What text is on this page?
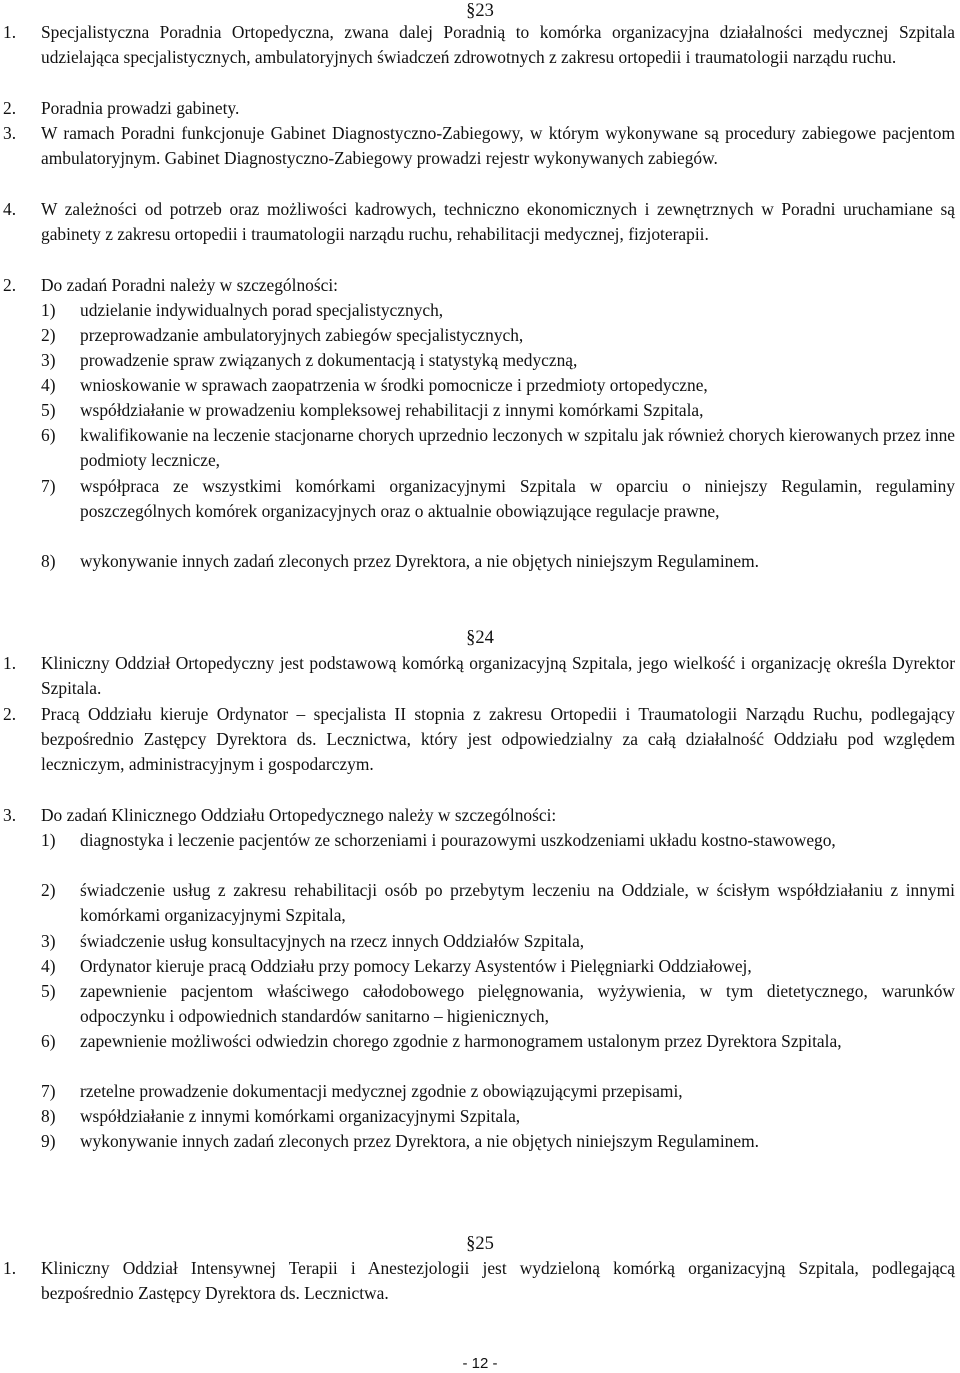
§23
1. Specjalistyczna Poradnia Ortopedyczna, zwana dalej Poradnią to komórka organizacyjna działalności medycznej Szpitala udzielająca specjalistycznych, ambulatoryjnych świadczeń zdrowotnych z zakresu ortopedii i traumatologii narządu ruchu.
2. Poradnia prowadzi gabinety.
3. W ramach Poradni funkcjonuje Gabinet Diagnostyczno-Zabiegowy, w którym wykonywane są procedury zabiegowe pacjentom ambulatoryjnym. Gabinet Diagnostyczno-Zabiegowy prowadzi rejestr wykonywanych zabiegów.
4. W zależności od potrzeb oraz możliwości kadrowych, techniczno ekonomicznych i zewnętrznych w Poradni uruchamiane są gabinety z zakresu ortopedii i traumatologii narządu ruchu, rehabilitacji medycznej, fizjoterapii.
2. Do zadań Poradni należy w szczególności:
1) udzielanie indywidualnych porad specjalistycznych,
2) przeprowadzanie ambulatoryjnych zabiegów specjalistycznych,
3) prowadzenie spraw związanych z dokumentacją i statystyką medyczną,
4) wnioskowanie w sprawach zaopatrzenia w środki pomocnicze i przedmioty ortopedyczne,
5) współdziałanie w prowadzeniu kompleksowej rehabilitacji z innymi komórkami Szpitala,
6) kwalifikowanie na leczenie stacjonarne chorych uprzednio leczonych w szpitalu jak również chorych kierowanych przez inne podmioty lecznicze,
7) współpraca ze wszystkimi komórkami organizacyjnymi Szpitala w oparciu o niniejszy Regulamin, regulaminy poszczególnych komórek organizacyjnych oraz o aktualnie obowiązujące regulacje prawne,
8) wykonywanie innych zadań zleconych przez Dyrektora, a nie objętych niniejszym Regulaminem.
§24
1. Kliniczny Oddział Ortopedyczny jest podstawową komórką organizacyjną Szpitala, jego wielkość i organizację określa Dyrektor Szpitala.
2. Pracą Oddziału kieruje Ordynator – specjalista II stopnia z zakresu Ortopedii i Traumatologii Narządu Ruchu, podlegający bezpośrednio Zastępcy Dyrektora ds. Lecznictwa, który jest odpowiedzialny za całą działalność Oddziału pod względem leczniczym, administracyjnym i gospodarczym.
3. Do zadań Klinicznego Oddziału Ortopedycznego należy w szczególności:
1) diagnostyka i leczenie pacjentów ze schorzeniami i pourazowymi uszkodzeniami układu kostno-stawowego,
2) świadczenie usług z zakresu rehabilitacji osób po przebytym leczeniu na Oddziale, w ścisłym współdziałaniu z innymi komórkami organizacyjnymi Szpitala,
3) świadczenie usług konsultacyjnych na rzecz innych Oddziałów Szpitala,
4) Ordynator kieruje pracą Oddziału przy pomocy Lekarzy Asystentów i Pielęgniarki Oddziałowej,
5) zapewnienie pacjentom właściwego całodobowego pielęgnowania, wyżywienia, w tym dietetycznego, warunków odpoczynku i odpowiednich standardów sanitarno – higienicznych,
6) zapewnienie możliwości odwiedzin chorego zgodnie z harmonogramem ustalonym przez Dyrektora Szpitala,
7) rzetelne prowadzenie dokumentacji medycznej zgodnie z obowiązującymi przepisami,
8) współdziałanie z innymi komórkami organizacyjnymi Szpitala,
9) wykonywanie innych zadań zleconych przez Dyrektora, a nie objętych niniejszym Regulaminem.
§25
1. Kliniczny Oddział Intensywnej Terapii i Anestezjologii jest wydzieloną komórką organizacyjną Szpitala, podlegającą bezpośrednio Zastępcy Dyrektora ds. Lecznictwa.
- 12 -
